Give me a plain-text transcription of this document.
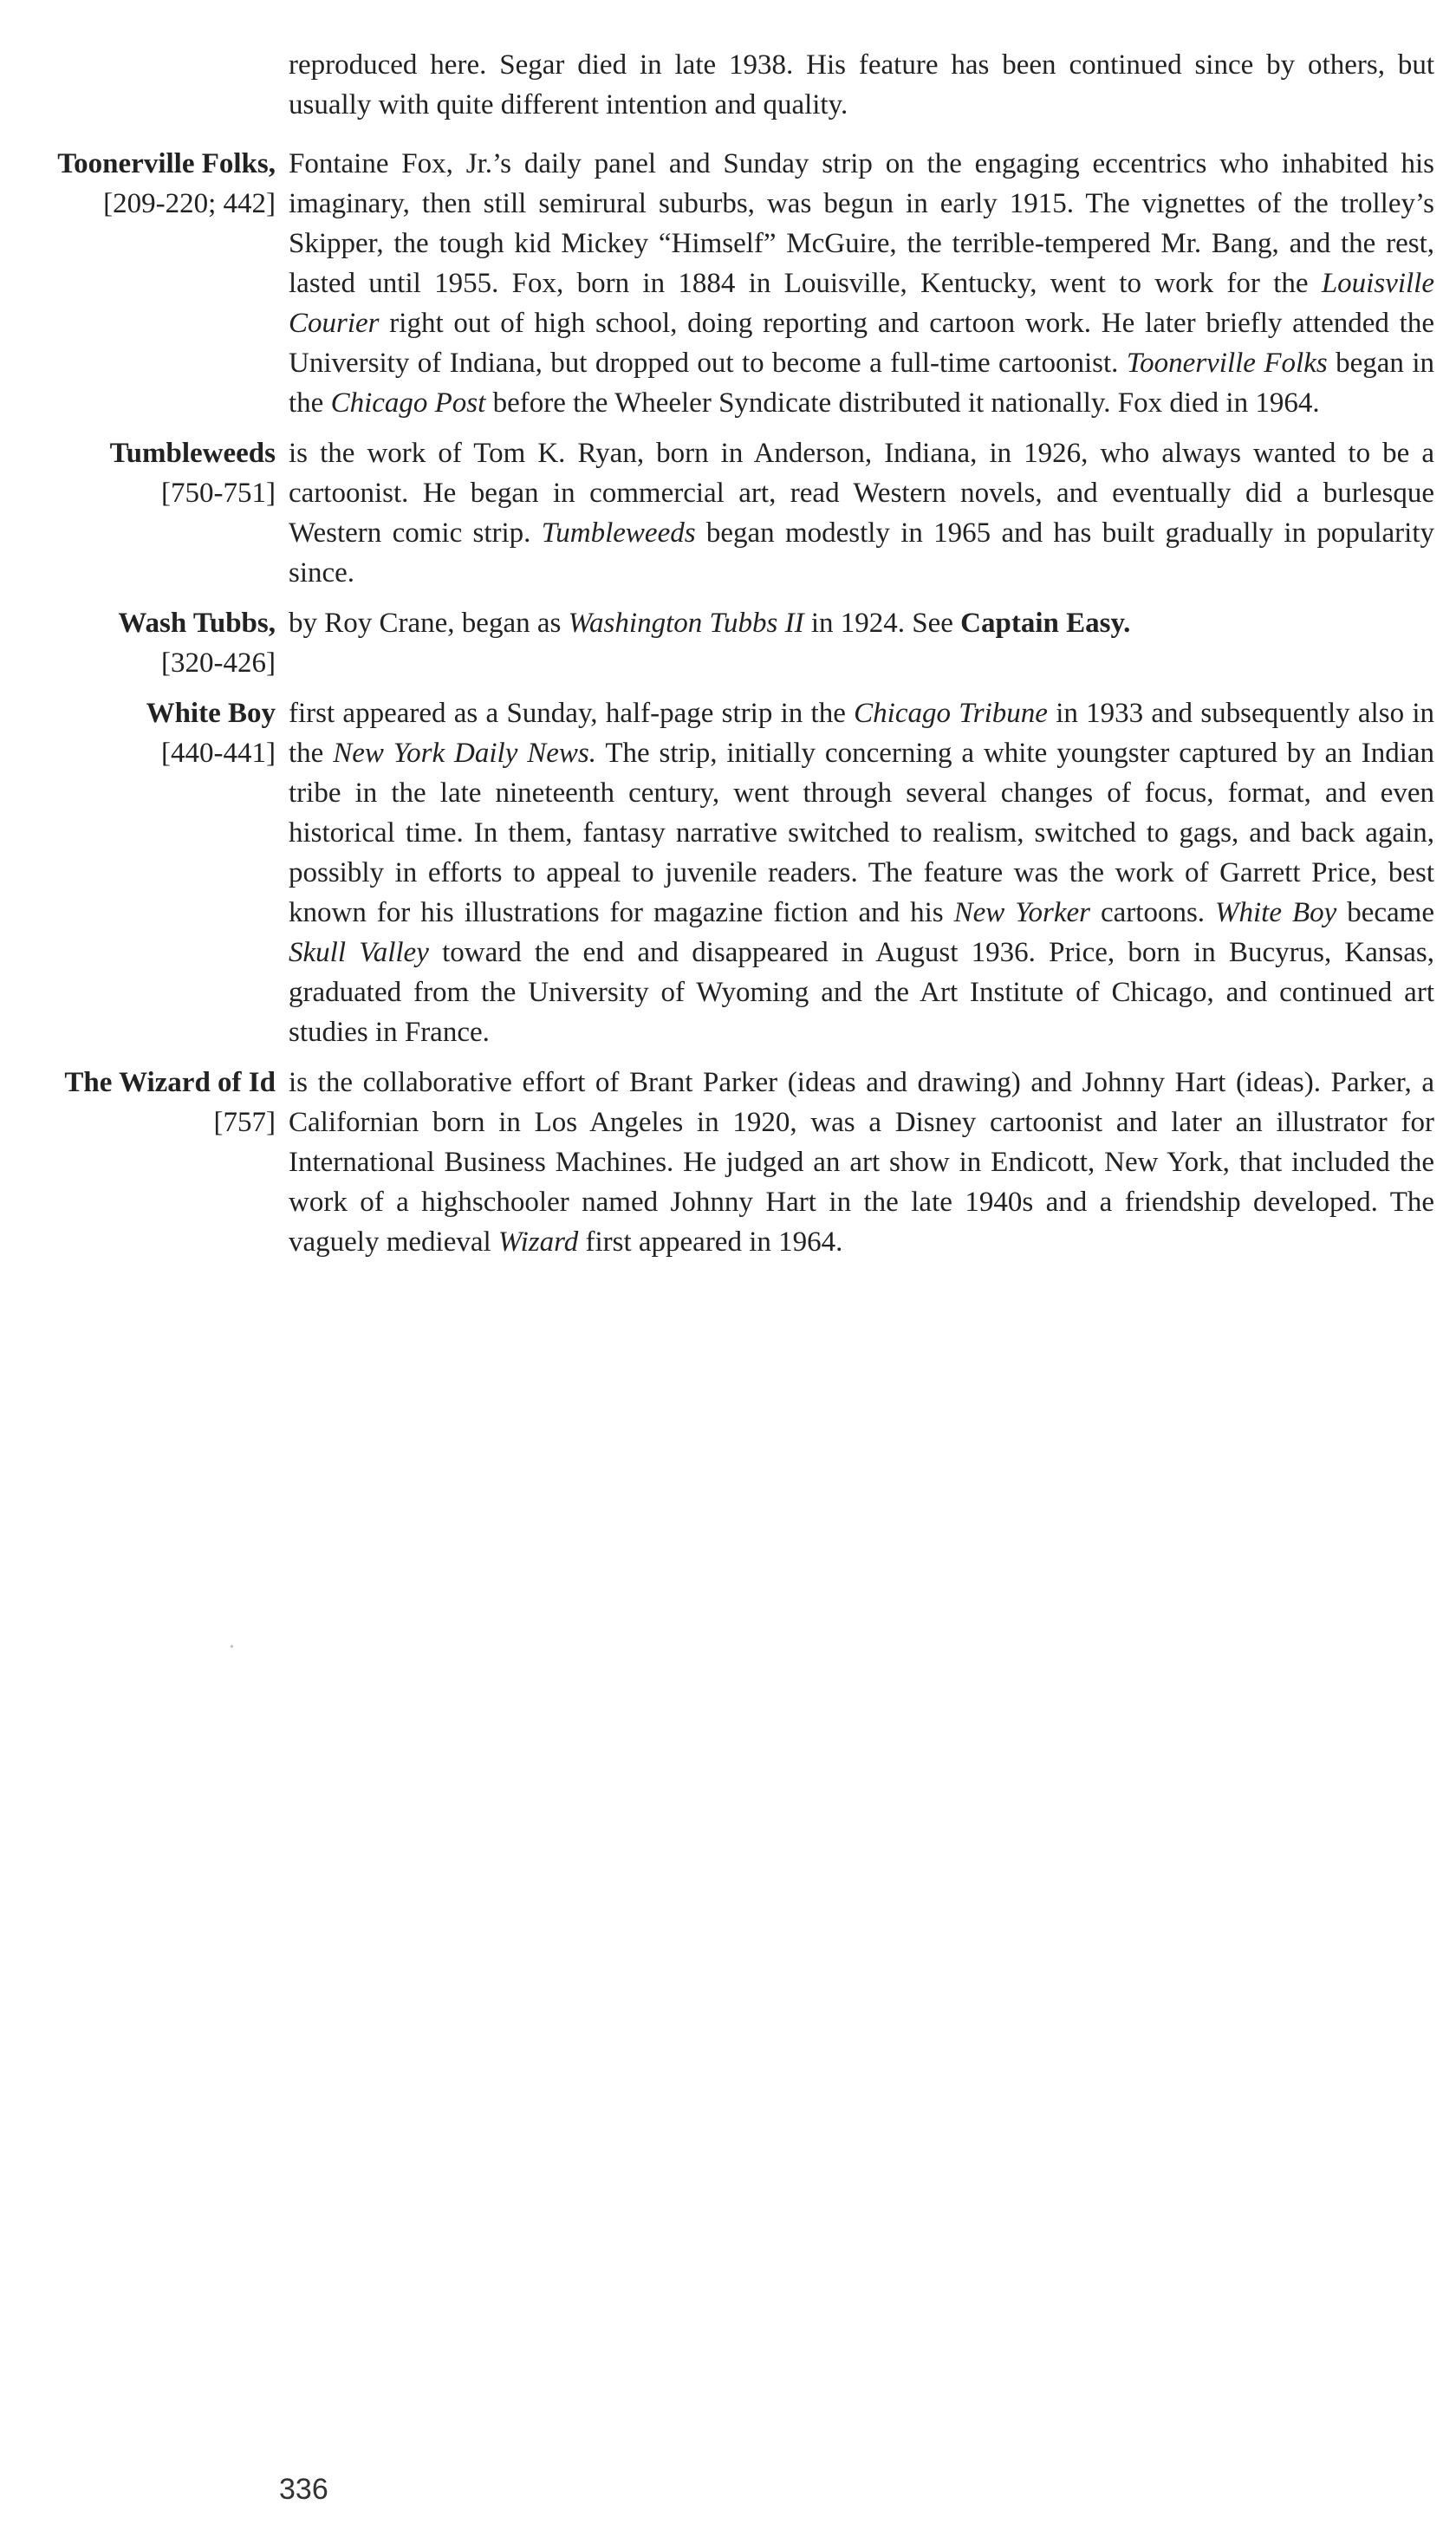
reproduced here. Segar died in late 1938. His feature has been continued since by others, but usually with quite different intention and quality.

Toonerville Folks,
[209-220; 442]
Fontaine Fox, Jr.’s daily panel and Sunday strip on the engaging eccentrics who inhabited his imaginary, then still semirural suburbs, was begun in early 1915. The vignettes of the trolley’s Skipper, the tough kid Mickey “Himself” McGuire, the terrible-tempered Mr. Bang, and the rest, lasted until 1955. Fox, born in 1884 in Louisville, Kentucky, went to work for the Louisville Courier right out of high school, doing reporting and cartoon work. He later briefly attended the University of Indiana, but dropped out to become a full-time cartoonist. Toonerville Folks began in the Chicago Post before the Wheeler Syndicate distributed it nationally. Fox died in 1964.
Tumbleweeds
[750-751]
is the work of Tom K. Ryan, born in Anderson, Indiana, in 1926, who always wanted to be a cartoonist. He began in commercial art, read Western novels, and eventually did a burlesque Western comic strip. Tumbleweeds began modestly in 1965 and has built gradually in popularity since.
Wash Tubbs,
[320-426]
by Roy Crane, began as Washington Tubbs II in 1924. See Captain Easy.
White Boy
[440-441]
first appeared as a Sunday, half-page strip in the Chicago Tribune in 1933 and subsequently also in the New York Daily News. The strip, initially concerning a white youngster captured by an Indian tribe in the late nineteenth century, went through several changes of focus, format, and even historical time. In them, fantasy narrative switched to realism, switched to gags, and back again, possibly in efforts to appeal to juvenile readers. The feature was the work of Garrett Price, best known for his illustrations for magazine fiction and his New Yorker cartoons. White Boy became Skull Valley toward the end and disappeared in August 1936. Price, born in Bucyrus, Kansas, graduated from the University of Wyoming and the Art Institute of Chicago, and continued art studies in France.
The Wizard of Id
[757]
is the collaborative effort of Brant Parker (ideas and drawing) and Johnny Hart (ideas). Parker, a Californian born in Los Angeles in 1920, was a Disney cartoonist and later an illustrator for International Business Machines. He judged an art show in Endicott, New York, that included the work of a highschooler named Johnny Hart in the late 1940s and a friendship developed. The vaguely medieval Wizard first appeared in 1964.
336
